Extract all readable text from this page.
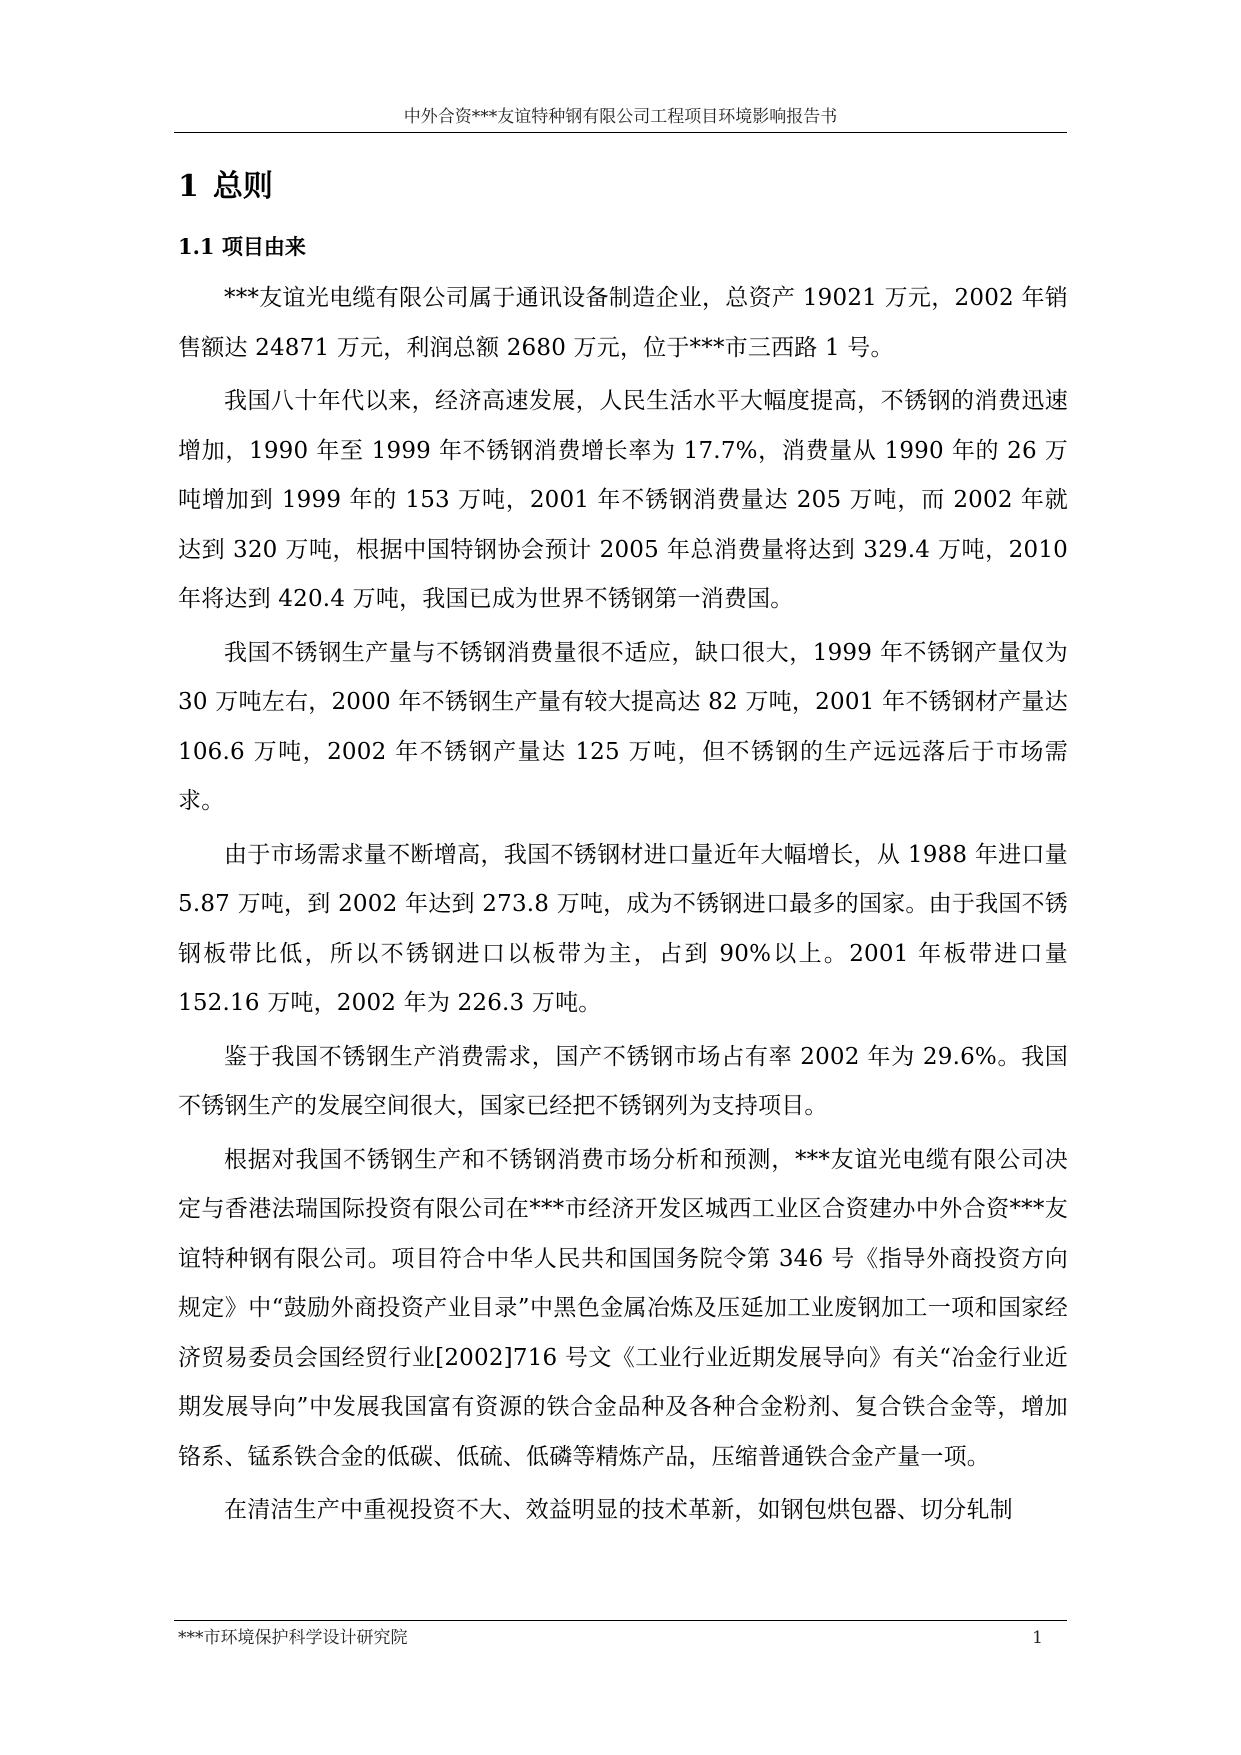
中外合资***友谊特种钢有限公司工程项目环境影响报告书
1 总则
1.1 项目由来

***友谊光电缆有限公司属于通讯设备制造企业，总资产 19021 万元，2002 年销售额达 24871 万元，利润总额 2680 万元，位于***市三西路 1 号。

我国八十年代以来，经济高速发展，人民生活水平大幅度提高，不锈钢的消费迅速增加，1990 年至 1999 年不锈钢消费增长率为 17.7%，消费量从 1990 年的 26 万吨增加到 1999 年的 153 万吨，2001 年不锈钢消费量达 205 万吨，而 2002 年就达到 320 万吨，根据中国特钢协会预计 2005 年总消费量将达到 329.4 万吨，2010 年将达到 420.4 万吨，我国已成为世界不锈钢第一消费国。

我国不锈钢生产量与不锈钢消费量很不适应，缺口很大，1999 年不锈钢产量仅为 30 万吨左右，2000 年不锈钢生产量有较大提高达 82 万吨，2001 年不锈钢材产量达 106.6 万吨，2002 年不锈钢产量达 125 万吨，但不锈钢的生产远远落后于市场需求。

由于市场需求量不断增高，我国不锈钢材进口量近年大幅增长，从 1988 年进口量 5.87 万吨，到 2002 年达到 273.8 万吨，成为不锈钢进口最多的国家。由于我国不锈钢板带比低，所以不锈钢进口以板带为主，占到 90%以上。2001 年板带进口量 152.16 万吨，2002 年为 226.3 万吨。

鉴于我国不锈钢生产消费需求，国产不锈钢市场占有率 2002 年为 29.6%。我国不锈钢生产的发展空间很大，国家已经把不锈钢列为支持项目。

根据对我国不锈钢生产和不锈钢消费市场分析和预测，***友谊光电缆有限公司决定与香港法瑞国际投资有限公司在***市经济开发区城西工业区合资建办中外合资***友谊特种钢有限公司。项目符合中华人民共和国国务院令第 346 号《指导外商投资方向规定》中“鼓励外商投资产业目录”中黑色金属冶炼及压延加工业废钢加工一项和国家经济贸易委员会国经贸行业[2002]716 号文《工业行业近期发展导向》有关“冶金行业近期发展导向”中发展我国富有资源的铁合金品种及各种合金粉剂、复合铁合金等，增加铬系、锰系铁合金的低碳、低硫、低磷等精炼产品，压缩普通铁合金产量一项。

在清洁生产中重视投资不大、效益明显的技术革新，如钢包烘包器、切分轧制

***市环境保护科学设计研究院	1
